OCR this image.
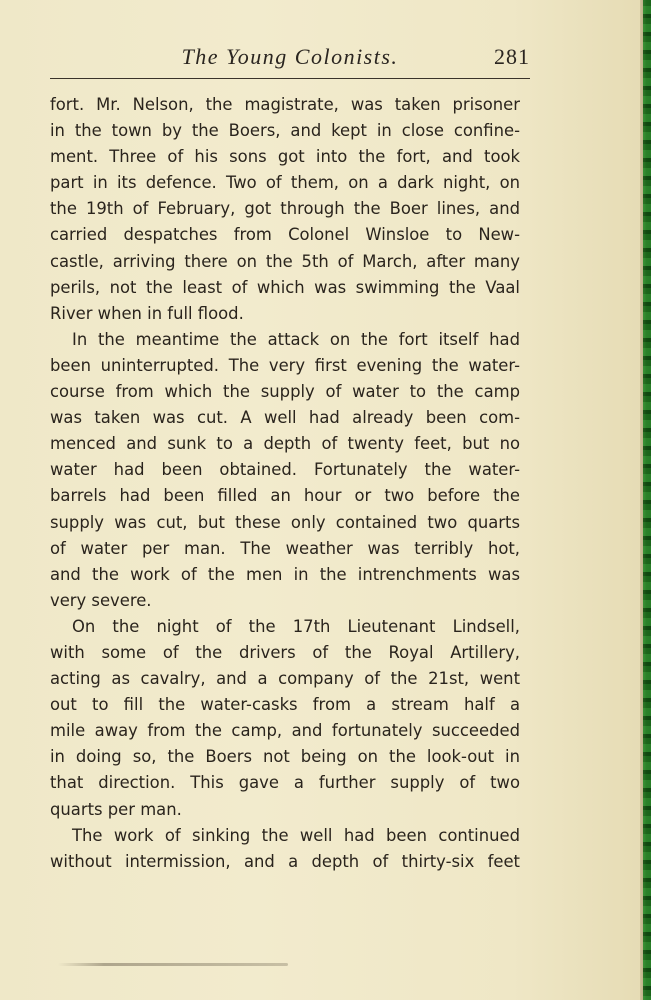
The Young Colonists.	281
fort. Mr. Nelson, the magistrate, was taken prisoner
in the town by the Boers, and kept in close confine-
ment. Three of his sons got into the fort, and took
part in its defence. Two of them, on a dark night, on
the 19th of February, got through the Boer lines, and
carried despatches from Colonel Winsloe to New-
castle, arriving there on the 5th of March, after many
perils, not the least of which was swimming the Vaal
River when in full flood.
In the meantime the attack on the fort itself had
been uninterrupted. The very first evening the water-
course from which the supply of water to the camp
was taken was cut. A well had already been com-
menced and sunk to a depth of twenty feet, but no
water had been obtained. Fortunately the water-
barrels had been filled an hour or two before the
supply was cut, but these only contained two quarts
of water per man. The weather was terribly hot,
and the work of the men in the intrenchments was
very severe.
On the night of the 17th Lieutenant Lindsell,
with some of the drivers of the Royal Artillery,
acting as cavalry, and a company of the 21st, went
out to fill the water-casks from a stream half a
mile away from the camp, and fortunately succeeded
in doing so, the Boers not being on the look-out in
that direction. This gave a further supply of two
quarts per man.
The work of sinking the well had been continued
without intermission, and a depth of thirty-six feet
